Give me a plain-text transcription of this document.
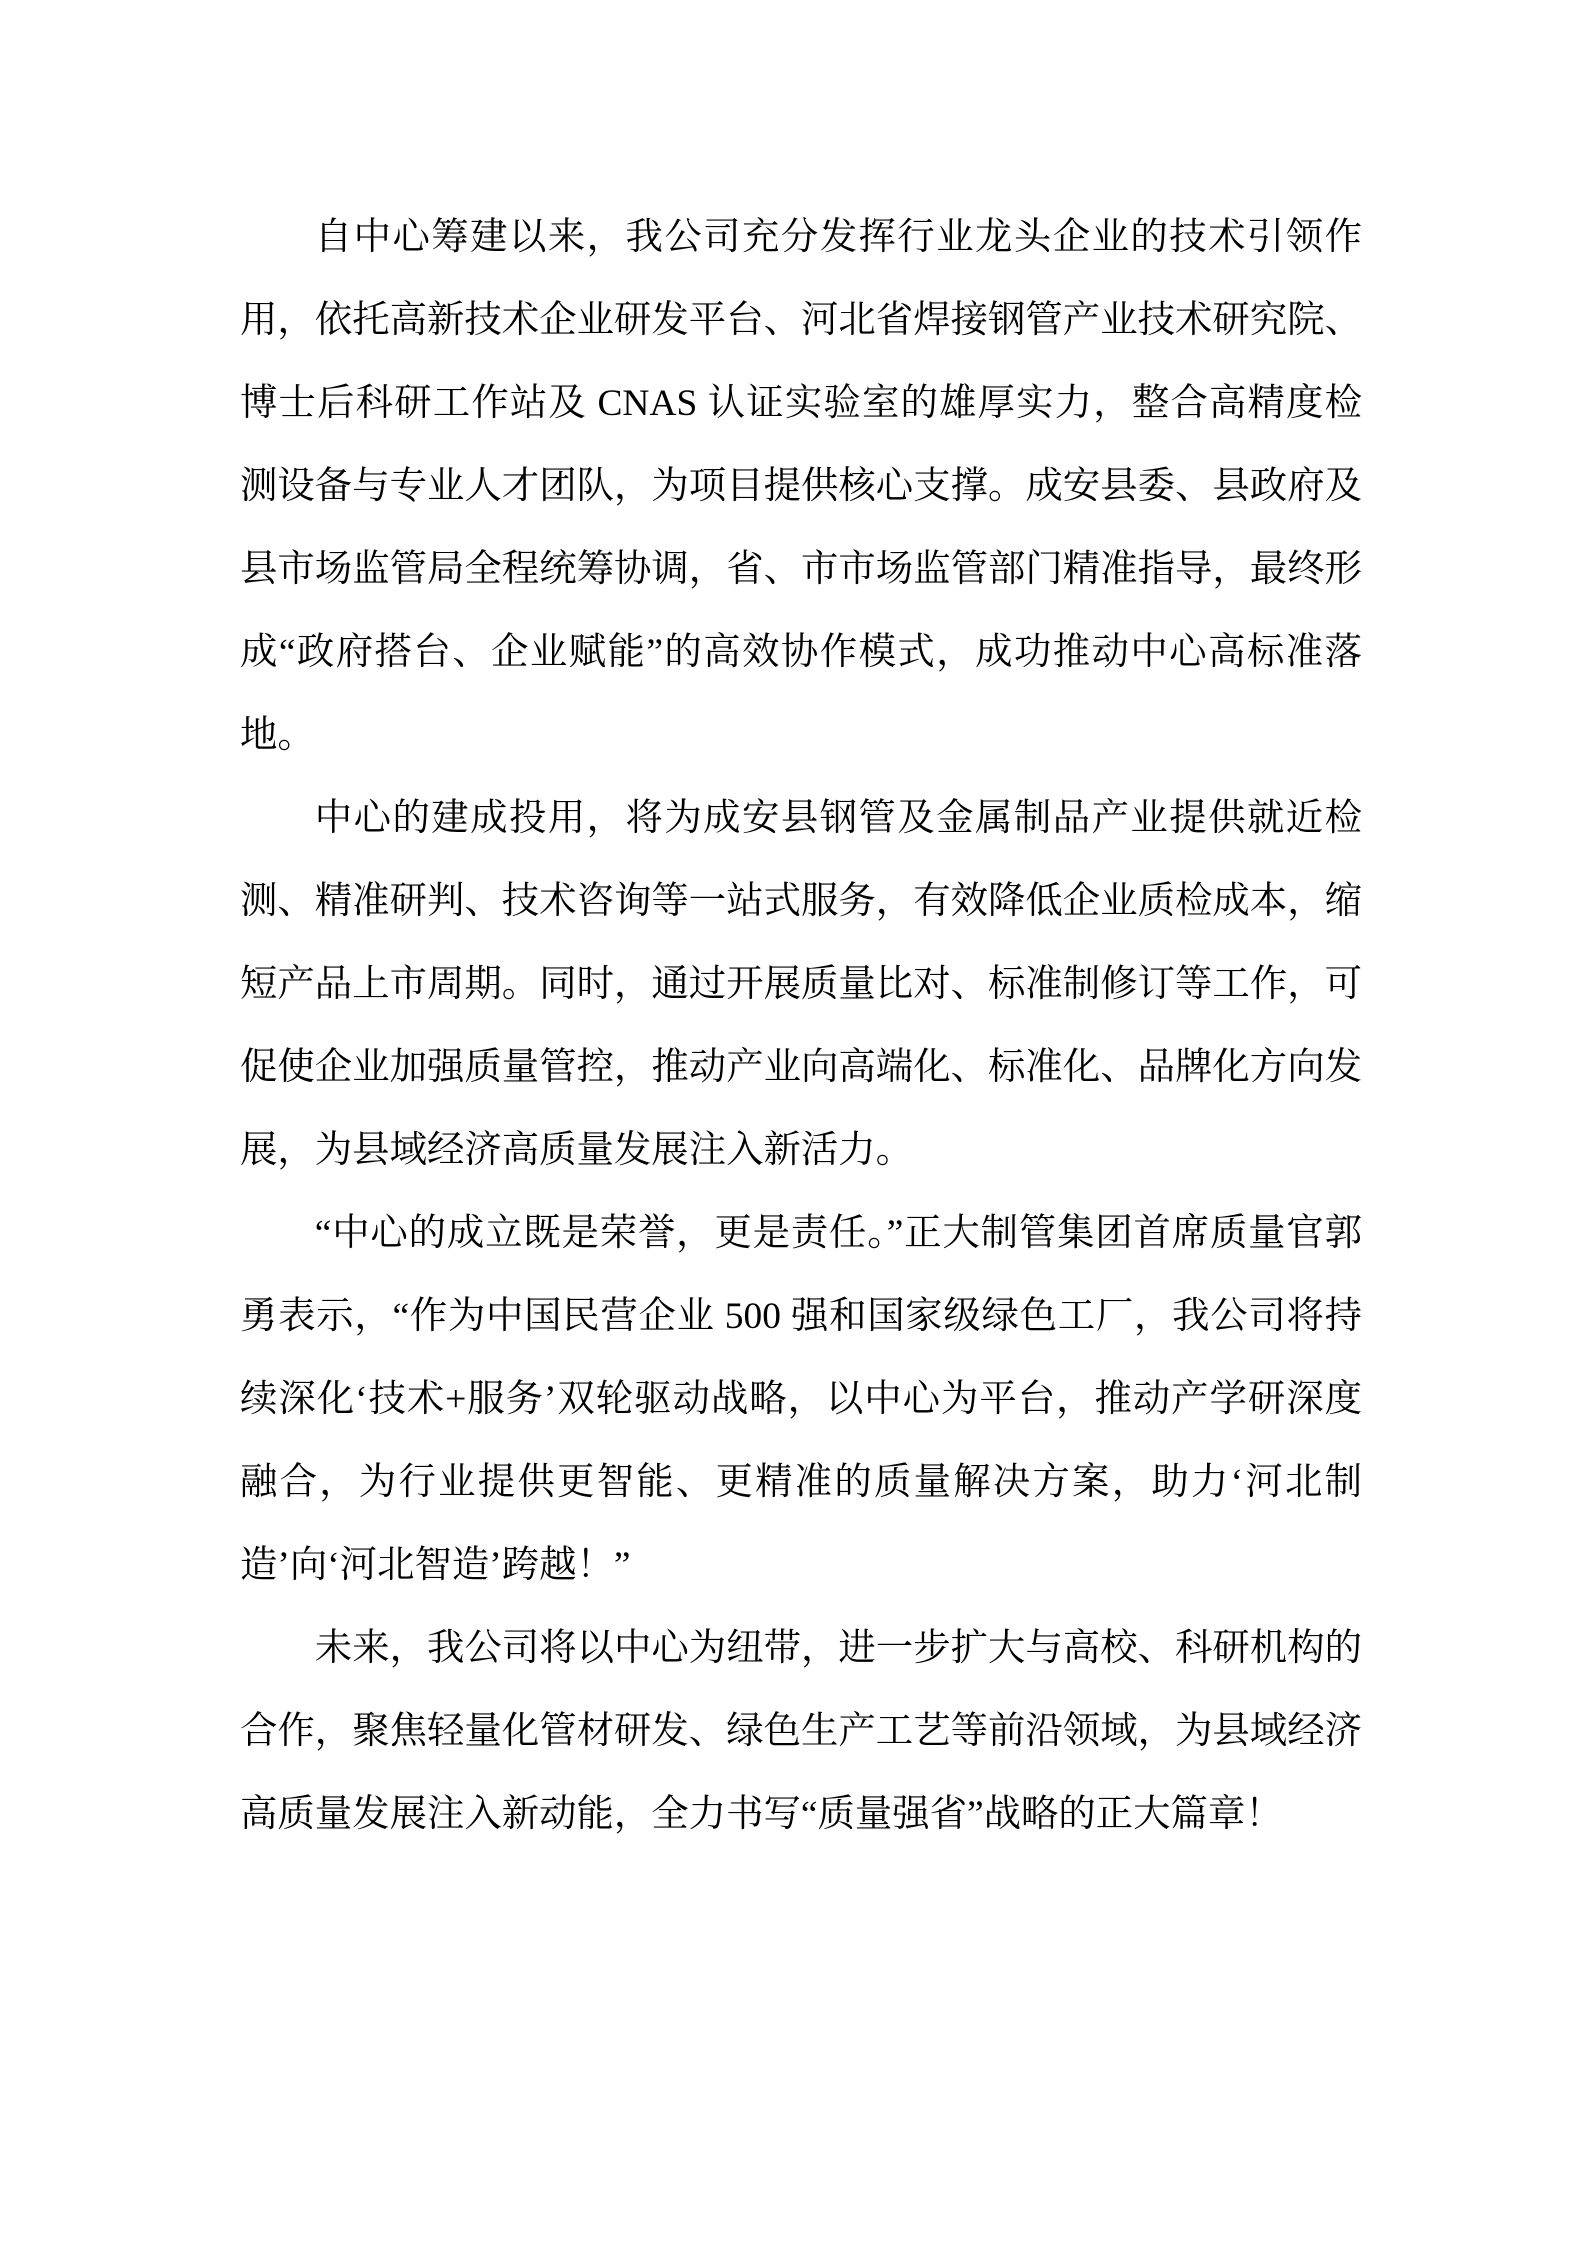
自中心筹建以来，我公司充分发挥行业龙头企业的技术引领作用，依托高新技术企业研发平台、河北省焊接钢管产业技术研究院、博士后科研工作站及 CNAS 认证实验室的雄厚实力，整合高精度检测设备与专业人才团队，为项目提供核心支撑。成安县委、县政府及县市场监管局全程统筹协调，省、市市场监管部门精准指导，最终形成“政府搭台、企业赋能”的高效协作模式，成功推动中心高标准落地。

中心的建成投用，将为成安县钢管及金属制品产业提供就近检测、精准研判、技术咨询等一站式服务，有效降低企业质检成本，缩短产品上市周期。同时，通过开展质量比对、标准制修订等工作，可促使企业加强质量管控，推动产业向高端化、标准化、品牌化方向发展，为县域经济高质量发展注入新活力。

“中心的成立既是荣誉，更是责任。”正大制管集团首席质量官郭勇表示，“作为中国民营企业 500 强和国家级绿色工厂，我公司将持续深化‘技术+服务’双轮驱动战略，以中心为平台，推动产学研深度融合，为行业提供更智能、更精准的质量解决方案，助力‘河北制造’向‘河北智造’跨越！”

未来，我公司将以中心为纽带，进一步扩大与高校、科研机构的合作，聚焦轻量化管材研发、绿色生产工艺等前沿领域，为县域经济高质量发展注入新动能，全力书写“质量强省”战略的正大篇章！
